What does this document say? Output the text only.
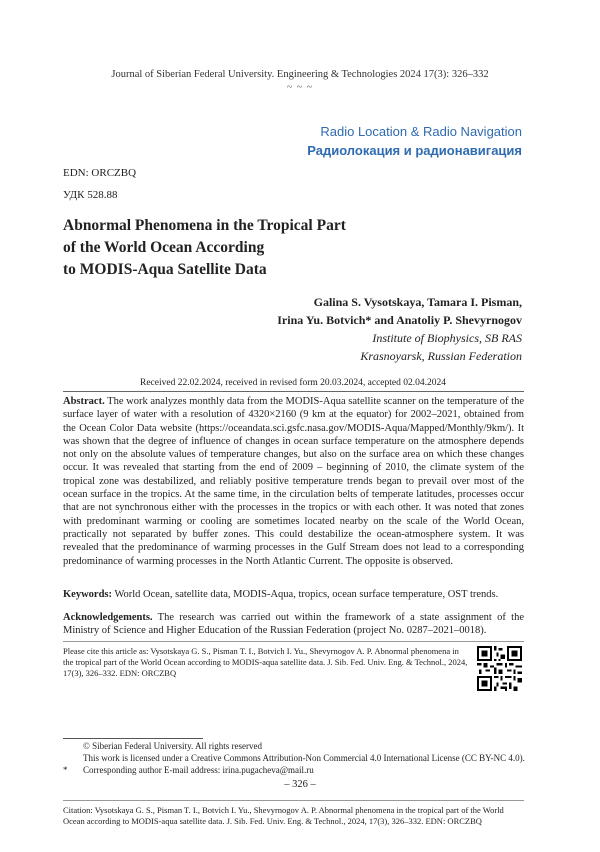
Journal of Siberian Federal University. Engineering & Technologies 2024 17(3): 326–332
~ ~ ~
Radio Location & Radio Navigation
Радиолокация и радионавигация
EDN: ORCZBQ
УДК 528.88
Abnormal Phenomena in the Tropical Part
of the World Ocean According
to MODIS-Aqua Satellite Data
Galina S. Vysotskaya, Tamara I. Pisman,
Irina Yu. Botvich* and Anatoliy P. Shevyrnogov
Institute of Biophysics, SB RAS
Krasnoyarsk, Russian Federation
Received 22.02.2024, received in revised form 20.03.2024, accepted 02.04.2024
Abstract. The work analyzes monthly data from the MODIS-Aqua satellite scanner on the temperature of the surface layer of water with a resolution of 4320×2160 (9 km at the equator) for 2002–2021, obtained from the Ocean Color Data website (https://oceandata.sci.gsfc.nasa.gov/MODIS-Aqua/Mapped/Monthly/9km/). It was shown that the degree of influence of changes in ocean surface temperature on the atmosphere depends not only on the absolute values of temperature changes, but also on the surface area on which these changes occur. It was revealed that starting from the end of 2009 – beginning of 2010, the climate system of the tropical zone was destabilized, and reliably positive temperature trends began to prevail over most of the ocean surface in the tropics. At the same time, in the circulation belts of temperate latitudes, processes occur that are not synchronous either with the processes in the tropics or with each other. It was noted that zones with predominant warming or cooling are sometimes located nearby on the scale of the World Ocean, practically not separated by buffer zones. This could destabilize the ocean-atmosphere system. It was revealed that the predominance of warming processes in the Gulf Stream does not lead to a corresponding predominance of warming processes in the North Atlantic Current. The opposite is observed.
Keywords: World Ocean, satellite data, MODIS-Aqua, tropics, ocean surface temperature, OST trends.
Acknowledgements. The research was carried out within the framework of a state assignment of the Ministry of Science and Higher Education of the Russian Federation (project No. 0287–2021–0018).
Please cite this article as: Vysotskaya G. S., Pisman T. I., Botvich I. Yu., Shevyrnogov A. P. Abnormal phenomena in the tropical part of the World Ocean according to MODIS-aqua satellite data. J. Sib. Fed. Univ. Eng. & Technol., 2024, 17(3), 326–332. EDN: ORCZBQ
© Siberian Federal University. All rights reserved
This work is licensed under a Creative Commons Attribution-Non Commercial 4.0 International License (CC BY-NC 4.0).
* Corresponding author E-mail address: irina.pugacheva@mail.ru
– 326 –
Citation: Vysotskaya G. S., Pisman T. I., Botvich I. Yu., Shevyrnogov A. P. Abnormal phenomena in the tropical part of the World Ocean according to MODIS-aqua satellite data. J. Sib. Fed. Univ. Eng. & Technol., 2024, 17(3), 326–332. EDN: ORCZBQ
